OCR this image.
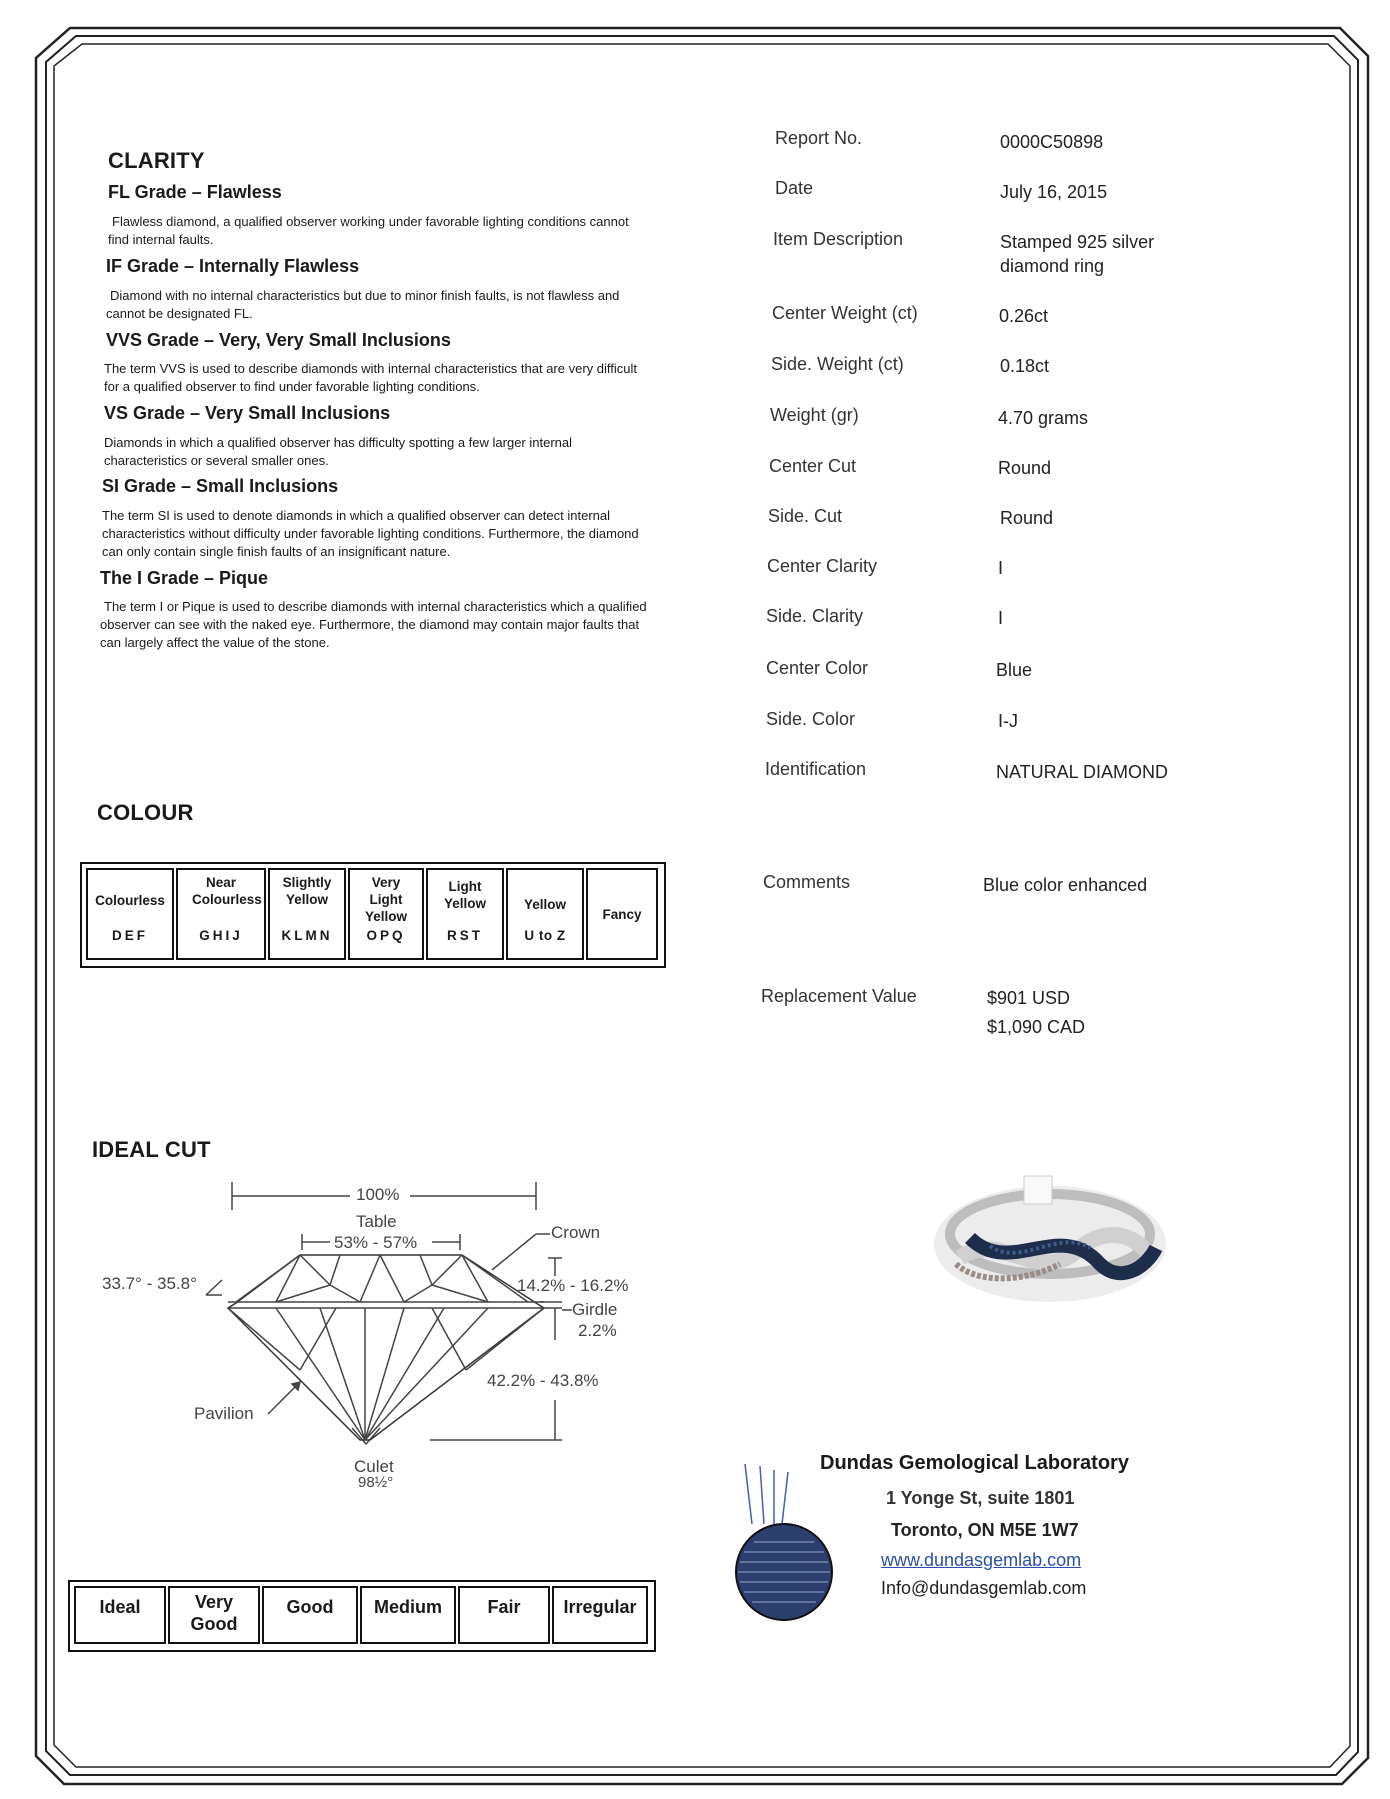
CLARITY
FL Grade – Flawless
Flawless diamond, a qualified observer working under favorable lighting conditions cannot find internal faults.
IF Grade – Internally Flawless
Diamond with no internal characteristics but due to minor finish faults, is not flawless and cannot be designated FL.
VVS Grade – Very, Very Small Inclusions
The term VVS is used to describe diamonds with internal characteristics that are very difficult for a qualified observer to find under favorable lighting conditions.
VS Grade – Very Small Inclusions
Diamonds in which a qualified observer has difficulty spotting a few larger internal characteristics or several smaller ones.
SI Grade – Small Inclusions
The term SI is used to denote diamonds in which a qualified observer can detect internal characteristics without difficulty under favorable lighting conditions. Furthermore, the diamond can only contain single finish faults of an insignificant nature.
The I Grade – Pique
The term I or Pique is used to describe diamonds with internal characteristics which a qualified observer can see with the naked eye. Furthermore, the diamond may contain major faults that can largely affect the value of the stone.
Report No.	0000C50898
Date	July 16, 2015
Item Description	Stamped 925 silver
diamond ring
Center Weight (ct)	0.26ct
Side. Weight (ct)	0.18ct
Weight (gr)	4.70 grams
Center Cut	Round
Side. Cut	Round
Center Clarity	I
Side. Clarity	I
Center Color	Blue
Side. Color	I-J
Identification	NATURAL DIAMOND
Comments	Blue color enhanced
Replacement Value	$901 USD
$1,090 CAD
COLOUR
Colourless
DEF
Near Colourless
GHIJ
Slightly Yellow
KLMN
Very Light Yellow
OPQ
Light Yellow
RST
Yellow
U to Z
Fancy
IDEAL CUT
100%
Table
53% - 57%
Crown
33.7° - 35.8°	14.2% - 16.2%
Girdle
2.2%
42.2% - 43.8%
Pavilion
Culet
98½°
Ideal	Very Good
Good	Medium	Fair	Irregular
Dundas Gemological Laboratory
1 Yonge St, suite 1801
Toronto, ON M5E 1W7
www.dundasgemlab.com
Info@dundasgemlab.com
